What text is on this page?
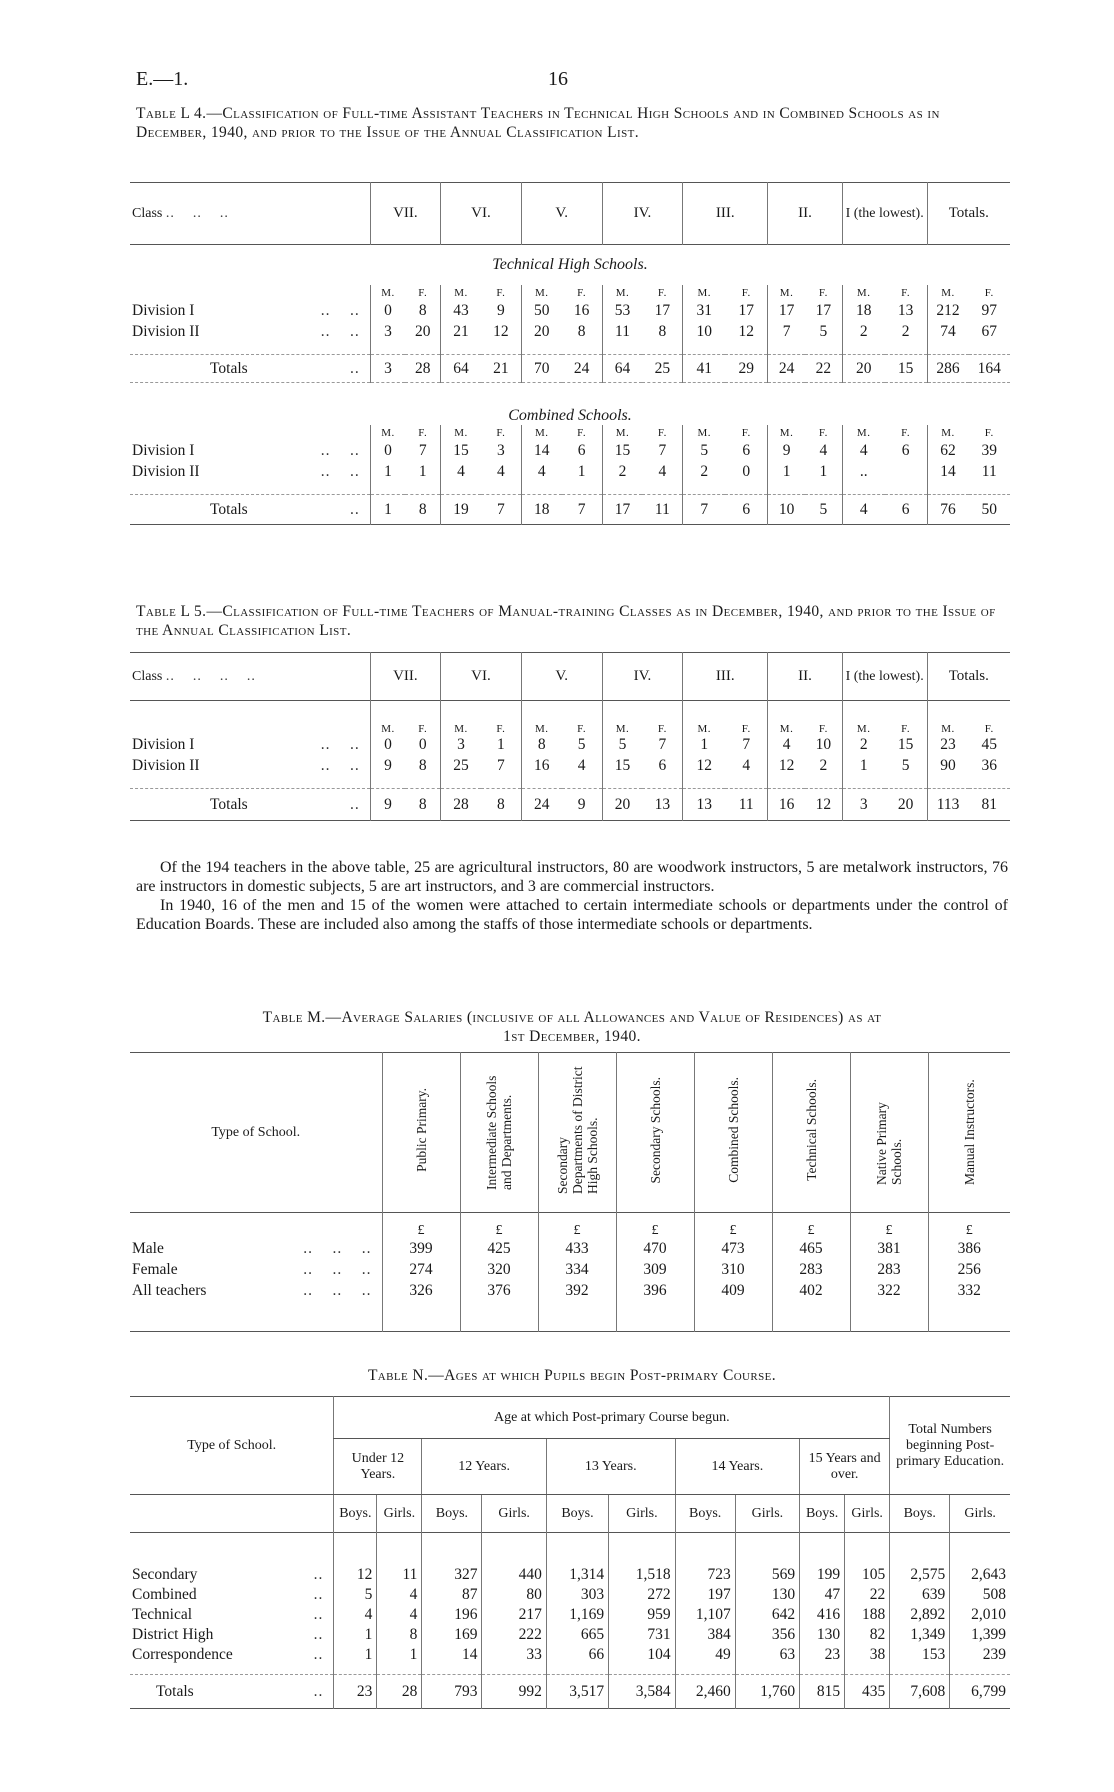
E.—1.	16
Table L 4.—Classification of Full-time Assistant Teachers in Technical High Schools and in Combined Schools as in December, 1940, and prior to the Issue of the Annual Classification List.
Class ..    ..    ..	VII.		VI.		V.		IV.		III.		II.		I (the lowest).		Totals.	
Technical High Schools.																
	M.	F.	M.	F.	M.	F.	M.	F.	M.	F.	M.	F.	M.	F.	M.	F.
Division I ..    ..	0	8	43	9	50	16	53	17	31	17	17	17	18	13	212	97
Division II ..    ..	3	20	21	12	20	8	11	8	10	12	7	5	2	2	74	67

Totals ..	3	28	64	21	70	24	64	25	41	29	24	22	20	15	286	164
Combined Schools.																
	M.	F.	M.	F.	M.	F.	M.	F.	M.	F.	M.	F.	M.	F.	M.	F.
Division I ..    ..	0	7	15	3	14	6	15	7	5	6	9	4	4	6	62	39
Division II ..    ..	1	1	4	4	4	1	2	4	2	0	1	1	..		14	11

Totals ..	1	8	19	7	18	7	17	11	7	6	10	5	4	6	76	50
Table L 5.—Classification of Full-time Teachers of Manual-training Classes as in December, 1940, and prior to the Issue of the Annual Classification List.
Class ..    ..    ..    ..	VII.		VI.		V.		IV.		III.		II.		I (the lowest).		Totals.	
	M.	F.	M.	F.	M.	F.	M.	F.	M.	F.	M.	F.	M.	F.	M.	F.
Division I ..    ..	0	0	3	1	8	5	5	7	1	7	4	10	2	15	23	45
Division II ..    ..	9	8	25	7	16	4	15	6	12	4	12	2	1	5	90	36

Totals ..	9	8	28	8	24	9	20	13	13	11	16	12	3	20	113	81

Of the 194 teachers in the above table, 25 are agricultural instructors, 80 are woodwork instructors, 5 are metalwork instructors, 76 are instructors in domestic subjects, 5 are art instructors, and 3 are commercial instructors.

In 1940, 16 of the men and 15 of the women were attached to certain intermediate schools or departments under the control of Education Boards. These are included also among the staffs of those intermediate schools or departments.

Table M.—Average Salaries (inclusive of all Allowances and Value of Residences) as at
1st December, 1940.
Type of School.	Public Primary.	Intermediate Schools and Departments.	Secondary Departments of District High Schools.	Secondary Schools.	Combined Schools.	Technical Schools.	Native Primary Schools.	Manual Instructors.
	£	£	£	£	£	£	£	£
Male ..    ..    ..	399	425	433	470	473	465	381	386
Female ..    ..    ..	274	320	334	309	310	283	283	256
All teachers ..    ..    ..	326	376	392	396	409	402	322	332

Table N.—Ages at which Pupils begin Post-primary Course.
Type of School.	Age at which Post-primary Course begun.										Total Numbers beginning Post-primary Education.	
	Under 12 Years.		12 Years.		13 Years.		14 Years.		15 Years and over.			
	Boys.	Girls.	Boys.	Girls.	Boys.	Girls.	Boys.	Girls.	Boys.	Girls.	Boys.	Girls.

Secondary ..	12	11	327	440	1,314	1,518	723	569	199	105	2,575	2,643
Combined ..	5	4	87	80	303	272	197	130	47	22	639	508
Technical ..	4	4	196	217	1,169	959	1,107	642	416	188	2,892	2,010
District High ..	1	8	169	222	665	731	384	356	130	82	1,349	1,399
Correspondence ..	1	1	14	33	66	104	49	63	23	38	153	239

Totals ..	23	28	793	992	3,517	3,584	2,460	1,760	815	435	7,608	6,799
